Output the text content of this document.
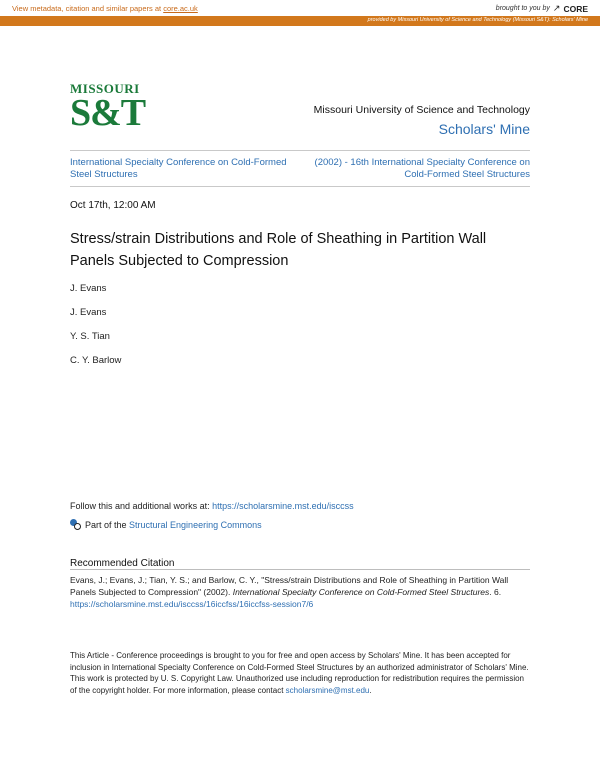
View metadata, citation and similar papers at core.ac.uk	brought to you by ↗ CORE
provided by Missouri University of Science and Technology (Missouri S&T): Scholars' Mine
MISSOURI
S&T	Missouri University of Science and Technology
Scholars' Mine
International Specialty Conference on Cold-Formed Steel Structures
(2002) - 16th International Specialty Conference on Cold-Formed Steel Structures
Oct 17th, 12:00 AM
Stress/strain Distributions and Role of Sheathing in Partition Wall Panels Subjected to Compression
J. Evans
J. Evans
Y. S. Tian
C. Y. Barlow
Follow this and additional works at: https://scholarsmine.mst.edu/isccss
Part of the Structural Engineering Commons
Recommended Citation
Evans, J.; Evans, J.; Tian, Y. S.; and Barlow, C. Y., "Stress/strain Distributions and Role of Sheathing in Partition Wall Panels Subjected to Compression" (2002). International Specialty Conference on Cold-Formed Steel Structures. 6.
https://scholarsmine.mst.edu/isccss/16iccfss/16iccfss-session7/6
This Article - Conference proceedings is brought to you for free and open access by Scholars' Mine. It has been accepted for inclusion in International Specialty Conference on Cold-Formed Steel Structures by an authorized administrator of Scholars' Mine. This work is protected by U. S. Copyright Law. Unauthorized use including reproduction for redistribution requires the permission of the copyright holder. For more information, please contact scholarsmine@mst.edu.
